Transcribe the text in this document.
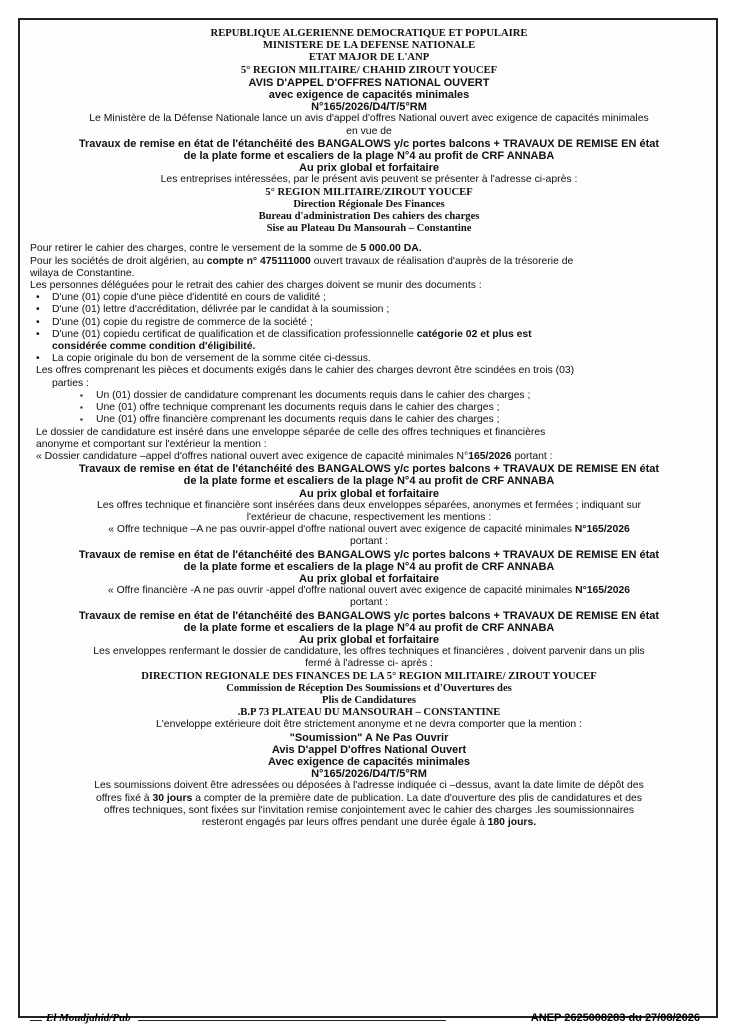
REPUBLIQUE ALGERIENNE DEMOCRATIQUE ET POPULAIRE

MINISTERE DE LA DEFENSE NATIONALE

ETAT MAJOR DE L'ANP

5° REGION MILITAIRE/ CHAHID ZIROUT YOUCEF

AVIS D'APPEL D'OFFRES NATIONAL OUVERT

avec exigence de capacités minimales

N°165/2026/D4/T/5°RM

Le Ministère de la Défense Nationale lance un avis d'appel d'offres National ouvert avec exigence de capacités minimales

en vue de

Travaux de remise en état de l'étanchéité des BANGALOWS y/c portes balcons + TRAVAUX DE REMISE EN état

de la plate forme et escaliers de la plage N°4 au profit de CRF ANNABA

Au prix global et forfaitaire

Les entreprises intéressées, par le présent avis peuvent se présenter à l'adresse ci-après :

5° REGION MILITAIRE/ZIROUT YOUCEF

Direction Régionale Des Finances

Bureau d'administration Des cahiers des charges

Sise au Plateau Du Mansourah – Constantine

Pour retirer le cahier des charges, contre le versement de la somme de 5 000.00 DA.

Pour les sociétés de droit algérien, au compte n° 475111000 ouvert travaux de réalisation d'auprès de la trésorerie de

wilaya de Constantine.

Les personnes déléguées pour le retrait des cahier des charges doivent se munir des documents :

• D'une (01) copie d'une pièce d'identité en cours de validité ;
• D'une (01) lettre d'accréditation, délivrée par le candidat à la soumission ;
• D'une (01) copie du registre de commerce de la société ;
• D'une (01) copiedu certificat de qualification et de classification professionnelle catégorie 02 et plus est
considérée comme condition d'éligibilité.
• La copie originale du bon de versement de la somme citée ci-dessus.

Les offres comprenant les pièces et documents exigés dans le cahier des charges devront être scindées en trois (03)

parties :

▪ Un (01) dossier de candidature comprenant les documents requis dans le cahier des charges ;
▪ Une (01) offre technique comprenant les documents requis dans le cahier des charges ;
▪ Une (01) offre financière comprenant les documents requis dans le cahier des charges ;

Le dossier de candidature est inséré dans une enveloppe séparée de celle des offres techniques et financières

anonyme et comportant sur l'extérieur la mention :

« Dossier candidature –appel d'offres national ouvert avec exigence de capacité minimales N°165/2026 portant :

Travaux de remise en état de l'étanchéité des BANGALOWS y/c portes balcons + TRAVAUX DE REMISE EN état

de la plate forme et escaliers de la plage N°4 au profit de CRF ANNABA

Au prix global et forfaitaire

Les offres technique et financière sont insérées dans deux enveloppes séparées, anonymes et fermées ; indiquant sur

l'extérieur de chacune, respectivement les mentions :

« Offre technique –A ne pas ouvrir-appel d'offre national ouvert avec exigence de capacité minimales N°165/2026

portant :

Travaux de remise en état de l'étanchéité des BANGALOWS y/c portes balcons + TRAVAUX DE REMISE EN état

de la plate forme et escaliers de la plage N°4 au profit de CRF ANNABA

Au prix global et forfaitaire

« Offre financière -A ne pas ouvrir -appel d'offre national ouvert avec exigence de capacité minimales N°165/2026

portant :

Travaux de remise en état de l'étanchéité des BANGALOWS y/c portes balcons + TRAVAUX DE REMISE EN état

de la plate forme et escaliers de la plage N°4 au profit de CRF ANNABA

Au prix global et forfaitaire

Les enveloppes renfermant le dossier de candidature, les offres techniques et financières , doivent parvenir dans un plis

fermé à l'adresse ci- après :

DIRECTION REGIONALE DES FINANCES DE LA 5° REGION MILITAIRE/ ZIROUT YOUCEF

Commission de Réception Des Soumissions et d'Ouvertures des

Plis de Candidatures

.B.P 73 PLATEAU DU MANSOURAH – CONSTANTINE

L'enveloppe extérieure doit être strictement anonyme et ne devra comporter que la mention :

"Soumission" A Ne Pas Ouvrir

Avis D'appel D'offres National Ouvert

Avec exigence de capacités minimales

N°165/2026/D4/T/5°RM

Les soumissions doivent être adressées ou déposées à l'adresse indiquée ci –dessus, avant la date limite de dépôt des

offres fixé à 30 jours a compter de la première date de publication. La date d'ouverture des plis de candidatures et des

offres techniques, sont fixées sur l'invitation remise conjointement avec le cahier des charges .les soumissionnaires

resteront engagés par leurs offres pendant une durée égale à 180 jours.

El Moudjahid/Pub	ANEP 2625008283 du 27/08/2026
